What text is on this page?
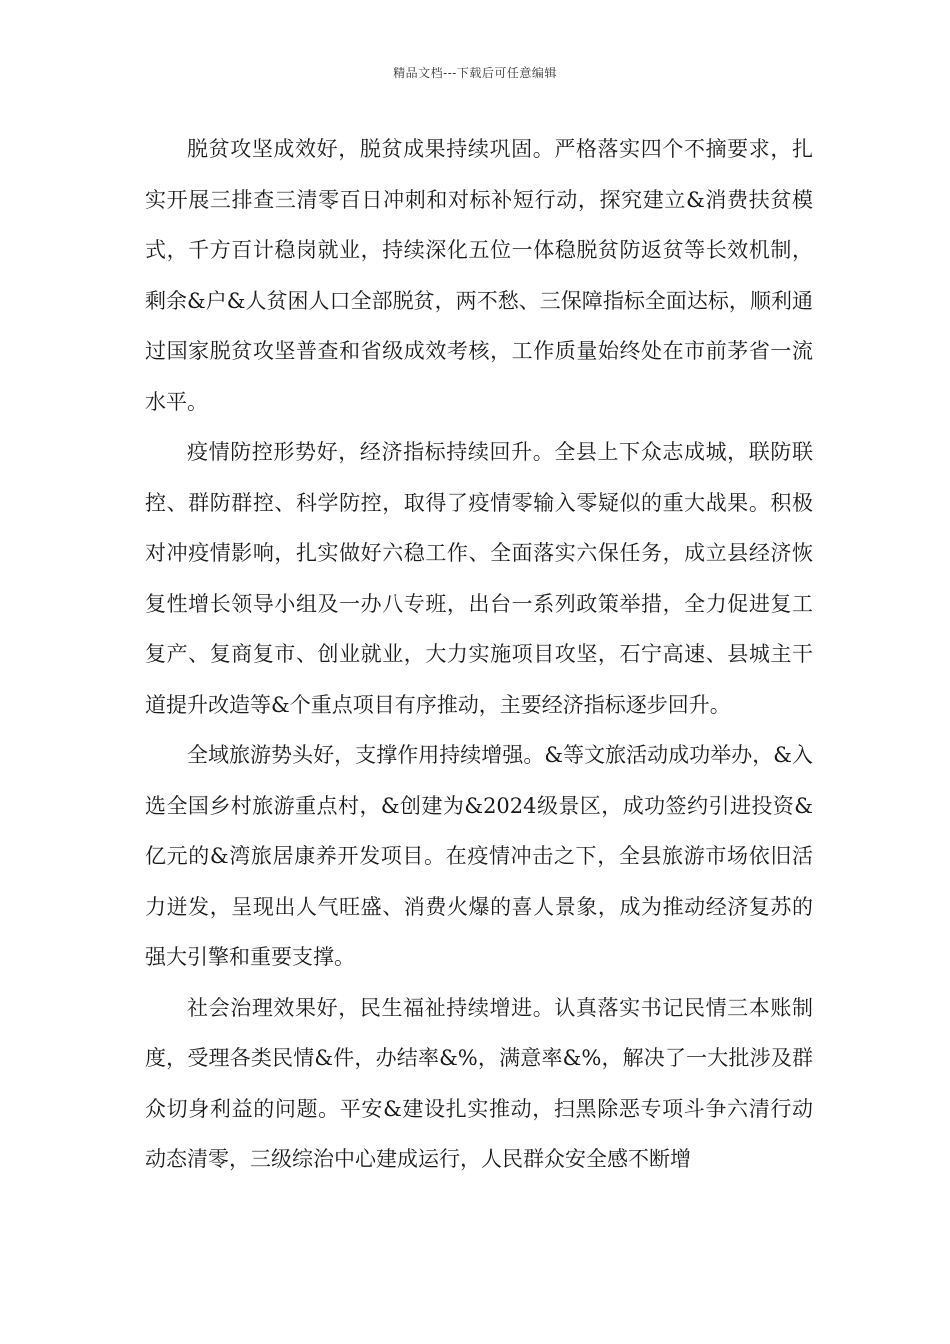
精品文档---下载后可任意编辑

脱贫攻坚成效好，脱贫成果持续巩固。严格落实四个不摘要求，扎实开展三排查三清零百日冲刺和对标补短行动，探究建立&消费扶贫模式，千方百计稳岗就业，持续深化五位一体稳脱贫防返贫等长效机制，剩余&户&人贫困人口全部脱贫，两不愁、三保障指标全面达标，顺利通过国家脱贫攻坚普查和省级成效考核，工作质量始终处在市前茅省一流水平。

疫情防控形势好，经济指标持续回升。全县上下众志成城，联防联控、群防群控、科学防控，取得了疫情零输入零疑似的重大战果。积极对冲疫情影响，扎实做好六稳工作、全面落实六保任务，成立县经济恢复性增长领导小组及一办八专班，出台一系列政策举措，全力促进复工复产、复商复市、创业就业，大力实施项目攻坚，石宁高速、县城主干道提升改造等&个重点项目有序推动，主要经济指标逐步回升。

全域旅游势头好，支撑作用持续增强。&等文旅活动成功举办，&入选全国乡村旅游重点村，&创建为&2024级景区，成功签约引进投资&亿元的&湾旅居康养开发项目。在疫情冲击之下，全县旅游市场依旧活力迸发，呈现出人气旺盛、消费火爆的喜人景象，成为推动经济复苏的强大引擎和重要支撑。

社会治理效果好，民生福祉持续增进。认真落实书记民情三本账制度，受理各类民情&件，办结率&%，满意率&%，解决了一大批涉及群众切身利益的问题。平安&建设扎实推动，扫黑除恶专项斗争六清行动动态清零，三级综治中心建成运行，人民群众安全感不断增
